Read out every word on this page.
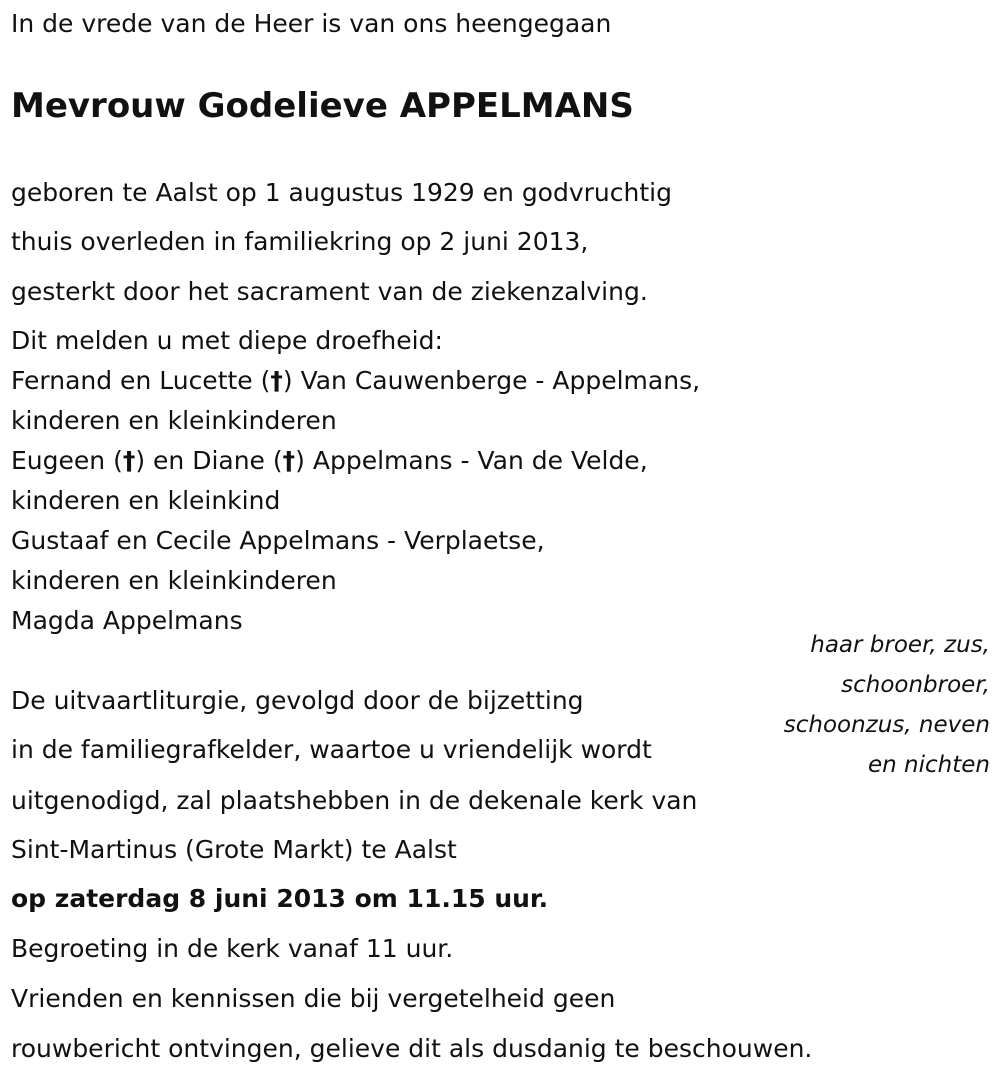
In de vrede van de Heer is van ons heengegaan

Mevrouw Godelieve APPELMANS

geboren te Aalst op 1 augustus 1929 en godvruchtig

thuis overleden in familiekring op 2 juni 2013,

gesterkt door het sacrament van de ziekenzalving.

Dit melden u met diepe droefheid:

Fernand en Lucette (†) Van Cauwenberge - Appelmans,

kinderen en kleinkinderen

Eugeen (†) en Diane (†) Appelmans - Van de Velde,

kinderen en kleinkind

Gustaaf en Cecile Appelmans - Verplaetse,

kinderen en kleinkinderen

Magda Appelmans

haar broer, zus,
schoonbroer,
schoonzus, neven
en nichten

De uitvaartliturgie, gevolgd door de bijzetting

in de familiegrafkelder, waartoe u vriendelijk wordt

uitgenodigd, zal plaatshebben in de dekenale kerk van

Sint-Martinus (Grote Markt) te Aalst

op zaterdag 8 juni 2013 om 11.15 uur.

Begroeting in de kerk vanaf 11 uur.

Vrienden en kennissen die bij vergetelheid geen

rouwbericht ontvingen, gelieve dit als dusdanig te beschouwen.
